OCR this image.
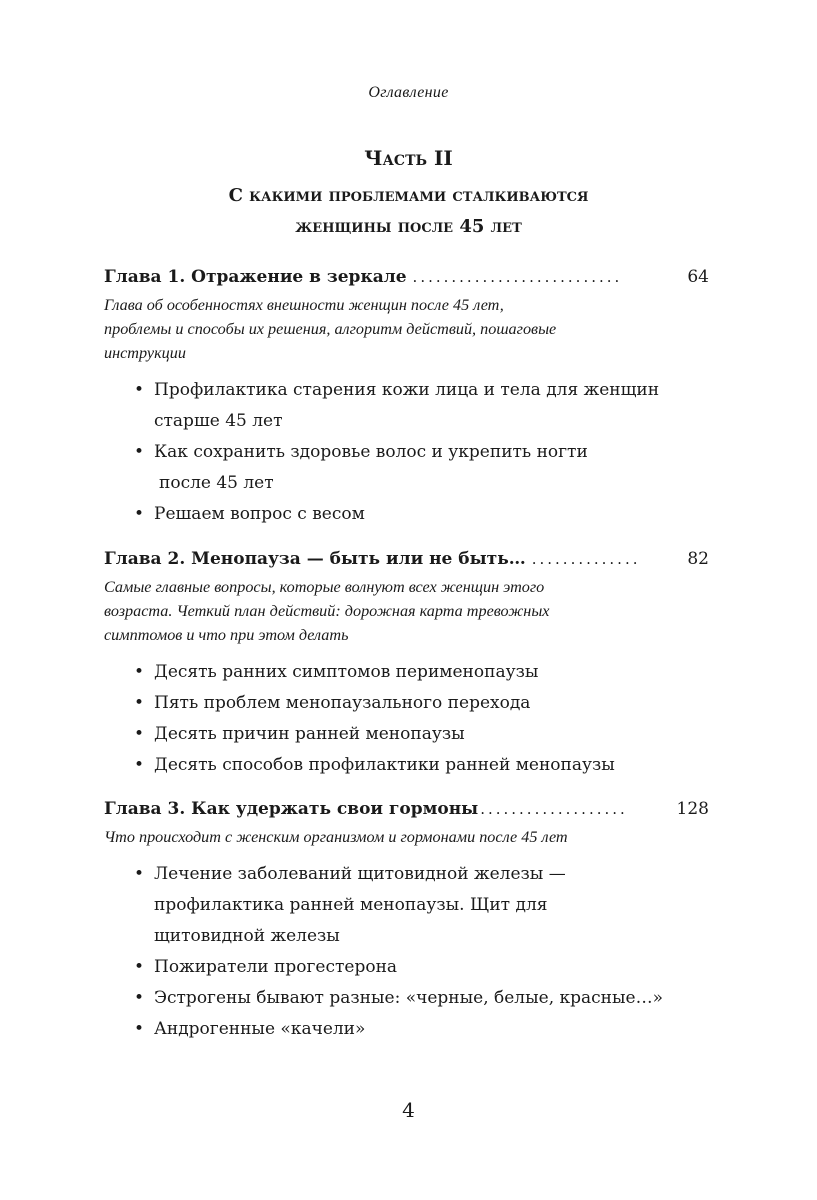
Оглавление
Часть II
С какими проблемами сталкиваются
женщины после 45 лет
Глава 1. Отражение в зеркале ...........................	64
Глава об особенностях внешности женщин после 45 лет,
проблемы и способы их решения, алгоритм действий, пошаговые
инструкции
• Профилактика старения кожи лица и тела для женщин
старше 45 лет
• Как сохранить здоровье волос и укрепить ногти
после 45 лет
• Решаем вопрос с весом
Глава 2. Менопауза — быть или не быть… ..............	82
Самые главные вопросы, которые волнуют всех женщин этого
возраста. Четкий план действий: дорожная карта тревожных
симптомов и что при этом делать
• Десять ранних симптомов перименопаузы
• Пять проблем менопаузального перехода
• Десять причин ранней менопаузы
• Десять способов профилактики ранней менопаузы
Глава 3. Как удержать свои гормоны ...................	128
Что происходит с женским организмом и гормонами после 45 лет
• Лечение заболеваний щитовидной железы —
профилактика ранней менопаузы. Щит для
щитовидной железы
• Пожиратели прогестерона
• Эстрогены бывают разные: «черные, белые, красные…»
• Андрогенные «качели»
4
